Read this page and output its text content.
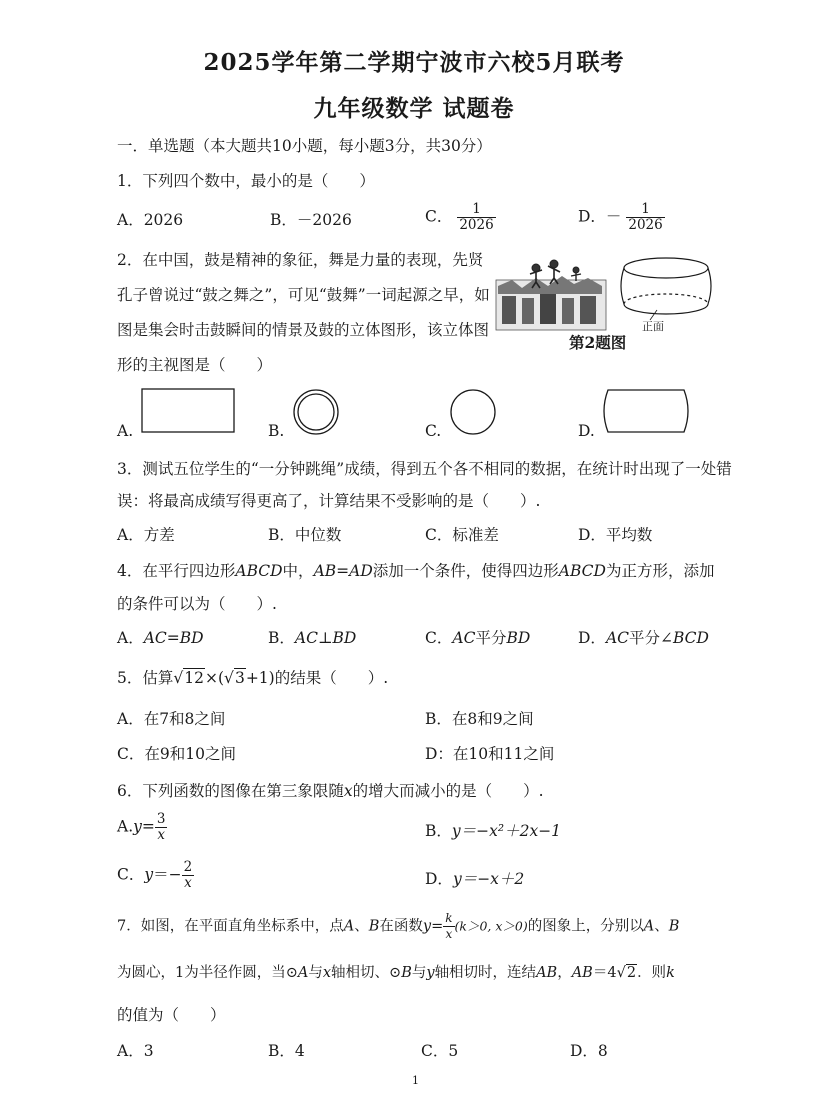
2025学年第二学期宁波市六校5月联考
九年级数学 试题卷
一．单选题（本大题共10小题，每小题3分，共30分）
1．下列四个数中，最小的是（　　）
A．2026	B．－2026	C． $\frac{1}{2026}$	D．－ $\frac{1}{2026}$
2．在中国，鼓是精神的象征，舞是力量的表现，先贤
孔子曾说过“鼓之舞之”，可见“鼓舞”一词起源之早，如
图是集会时击鼓瞬间的情景及鼓的立体图形，该立体图
形的主视图是（　　）
正面
第2题图
A.	B.	C.	D.
3．测试五位学生的“一分钟跳绳”成绩，得到五个各不相同的数据，在统计时出现了一处错
误：将最高成绩写得更高了，计算结果不受影响的是（　　）.
A．方差	B．中位数	C．标准差	D．平均数
4．在平行四边形ABCD中，AB=AD添加一个条件，使得四边形ABCD为正方形，添加
的条件可以为（　　）.
A．AC=BD	B．AC⊥BD	C．AC平分BD	D．AC平分∠BCD
5．估算√12×(√3+1)的结果（　　）.
A．在7和8之间	B．在8和9之间
C．在9和10之间	D：在10和11之间
6．下列函数的图像在第三象限随x的增大而减小的是（　　）.
$A.y= \frac{3}{x}$	B．y＝−x²＋2x−1
C．$y=- \frac{2}{x}$	D．y＝−x＋2
7．如图，在平面直角坐标系中，点A、B在函数$y= \frac{k}{x} (k>0$, x＞0)的图象上，分别以A、B
为圆心，1为半径作圆，当⊙A与x轴相切、⊙B与y轴相切时，连结AB，AB＝4√2．则k
的值为（　　）
A．3	B．4	C．5	D．8
1
